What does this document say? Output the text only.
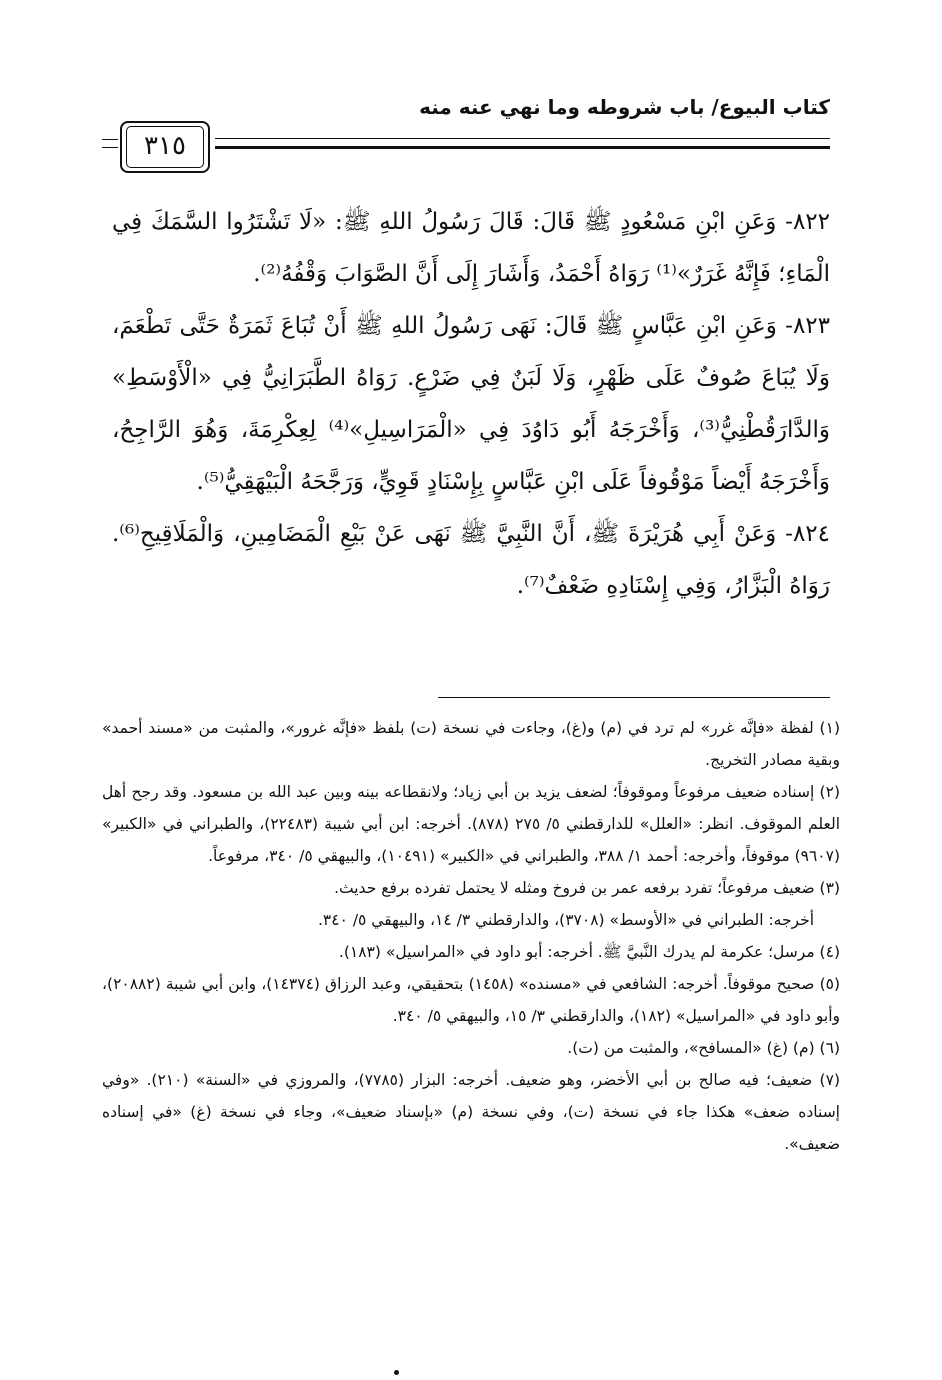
كتاب البيوع/ باب شروطه وما نهي عنه منه
٣١٥

٨٢٢- وَعَنِ ابْنِ مَسْعُودٍ ﷺ قَالَ: قَالَ رَسُولُ اللهِ ﷺ: «لَا تَشْتَرُوا السَّمَكَ فِي الْمَاءِ؛ فَإِنَّهُ غَرَرٌ»⁽¹⁾ رَوَاهُ أَحْمَدُ، وَأَشَارَ إِلَى أَنَّ الصَّوَابَ وَقْفُهُ⁽²⁾.

٨٢٣- وَعَنِ ابْنِ عَبَّاسٍ ﷺ قَالَ: نَهَى رَسُولُ اللهِ ﷺ أَنْ تُبَاعَ ثَمَرَةٌ حَتَّى تَطْعَمَ، وَلَا يُبَاعَ صُوفٌ عَلَى ظَهْرٍ، وَلَا لَبَنٌ فِي ضَرْعٍ. رَوَاهُ الطَّبَرَانِيُّ فِي «الْأَوْسَطِ» وَالدَّارَقُطْنِيُّ⁽³⁾، وَأَخْرَجَهُ أَبُو دَاوُدَ فِي «الْمَرَاسِيلِ»⁽⁴⁾ لِعِكْرِمَةَ، وَهُوَ الرَّاجِحُ، وَأَخْرَجَهُ أَيْضاً مَوْقُوفاً عَلَى ابْنِ عَبَّاسٍ بِإِسْنَادٍ قَوِيٍّ، وَرَجَّحَهُ الْبَيْهَقِيُّ⁽⁵⁾.

٨٢٤- وَعَنْ أَبِي هُرَيْرَةَ ﷺ، أَنَّ النَّبِيَّ ﷺ نَهَى عَنْ بَيْعِ الْمَضَامِينِ، وَالْمَلَاقِيحِ⁽⁶⁾. رَوَاهُ الْبَزَّارُ، وَفِي إِسْنَادِهِ ضَعْفٌ⁽⁷⁾.

(١) لفظة «فإنَّه غرر» لم ترد في (م) و(غ)، وجاءت في نسخة (ت) بلفظ «فإنَّه غرور»، والمثبت من «مسند أحمد» وبقية مصادر التخريج.

(٢) إسناده ضعيف مرفوعاً وموقوفاً؛ لضعف يزيد بن أبي زياد؛ ولانقطاعه بينه وبين عبد الله بن مسعود. وقد رجح أهل العلم الموقوف. انظر: «العلل» للدارقطني ٥/ ٢٧٥ (٨٧٨). أخرجه: ابن أبي شيبة (٢٢٤٨٣)، والطبراني في «الكبير» (٩٦٠٧) موقوفاً، وأخرجه: أحمد ١/ ٣٨٨، والطبراني في «الكبير» (١٠٤٩١)، والبيهقي ٥/ ٣٤٠، مرفوعاً.

(٣) ضعيف مرفوعاً؛ تفرد برفعه عمر بن فروخ ومثله لا يحتمل تفرده برفع حديث.

أخرجه: الطبراني في «الأوسط» (٣٧٠٨)، والدارقطني ٣/ ١٤، والبيهقي ٥/ ٣٤٠.

(٤) مرسل؛ عكرمة لم يدرك النَّبيَّ ﷺ. أخرجه: أبو داود في «المراسيل» (١٨٣).

(٥) صحيح موقوفاً. أخرجه: الشافعي في «مسنده» (١٤٥٨) بتحقيقي، وعبد الرزاق (١٤٣٧٤)، وابن أبي شيبة (٢٠٨٨٢)، وأبو داود في «المراسيل» (١٨٢)، والدارقطني ٣/ ١٥، والبيهقي ٥/ ٣٤٠.

(٦) (م) (غ) «المسافح»، والمثبت من (ت).

(٧) ضعيف؛ فيه صالح بن أبي الأخضر، وهو ضعيف. أخرجه: البزار (٧٧٨٥)، والمروزي في «السنة» (٢١٠). «وفي إسناده ضعف» هكذا جاء في نسخة (ت)، وفي نسخة (م) «بإسناد ضعيف»، وجاء في نسخة (غ) «في إسناده ضعيف».
